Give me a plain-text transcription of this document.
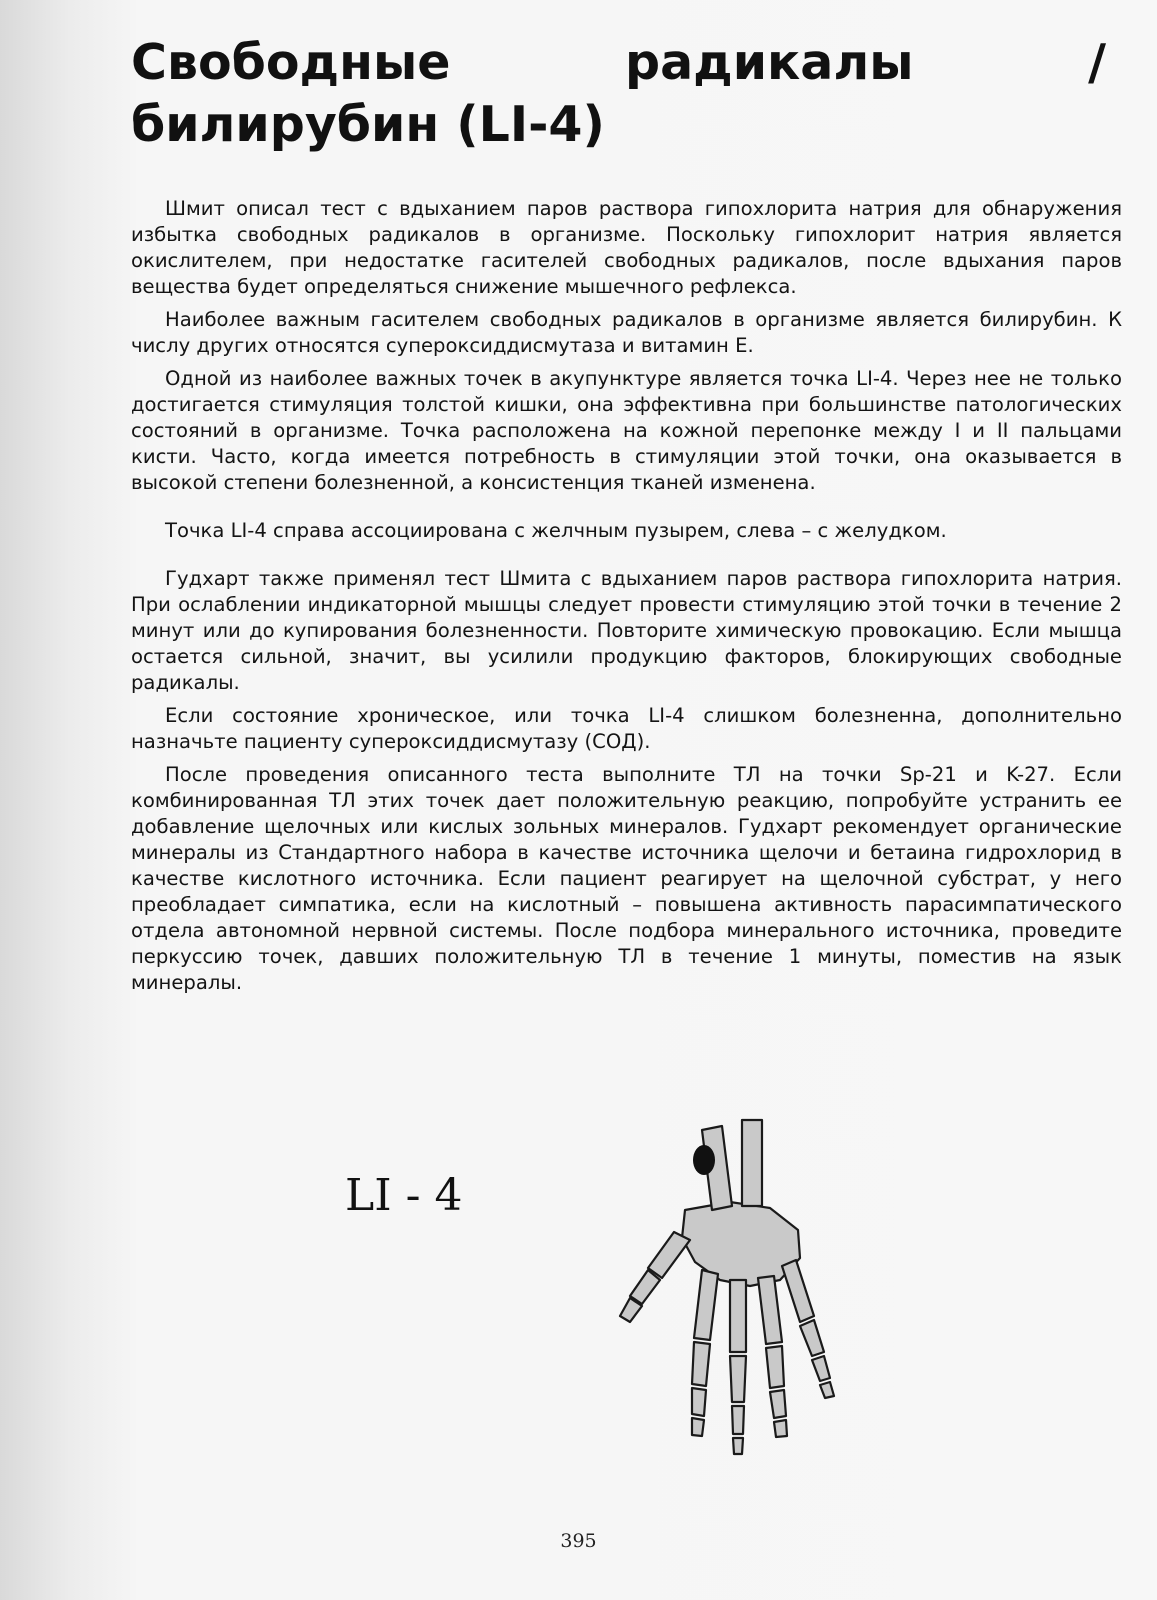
Свободные радикалы / билирубин (LI-4)

Шмит описал тест с вдыханием паров раствора гипохлорита натрия для обнаружения избытка свободных радикалов в организме. Поскольку гипохлорит натрия является окислителем, при недостатке гасителей свободных радикалов, после вдыхания паров вещества будет определяться снижение мышечного рефлекса.

Наиболее важным гасителем свободных радикалов в организме является билирубин. К числу других относятся супероксиддисмутаза и витамин Е.

Одной из наиболее важных точек в акупунктуре является точка LI-4. Через нее не только достигается стимуляция толстой кишки, она эффективна при большинстве патологических состояний в организме. Точка расположена на кожной перепонке между I и II пальцами кисти. Часто, когда имеется потребность в стимуляции этой точки, она оказывается в высокой степени болезненной, а консистенция тканей изменена.

Точка LI-4 справа ассоциирована с желчным пузырем, слева – с желудком.

Гудхарт также применял тест Шмита с вдыханием паров раствора гипохлорита натрия. При ослаблении индикаторной мышцы следует провести стимуляцию этой точки в течение 2 минут или до купирования болезненности. Повторите химическую провокацию. Если мышца остается сильной, значит, вы усилили продукцию факторов, блокирующих свободные радикалы.

Если состояние хроническое, или точка LI-4 слишком болезненна, дополнительно назначьте пациенту супероксиддисмутазу (СОД).

После проведения описанного теста выполните ТЛ на точки Sp-21 и K-27. Если комбинированная ТЛ этих точек дает положительную реакцию, попробуйте устранить ее добавление щелочных или кислых зольных минералов. Гудхарт рекомендует органические минералы из Стандартного набора в качестве источника щелочи и бетаина гидрохлорид в качестве кислотного источника. Если пациент реагирует на щелочной субстрат, у него преобладает симпатика, если на кислотный – повышена активность парасимпатического отдела автономной нервной системы. После подбора минерального источника, проведите перкуссию точек, давших положительную ТЛ в течение 1 минуты, поместив на язык минералы.

LI - 4
395
